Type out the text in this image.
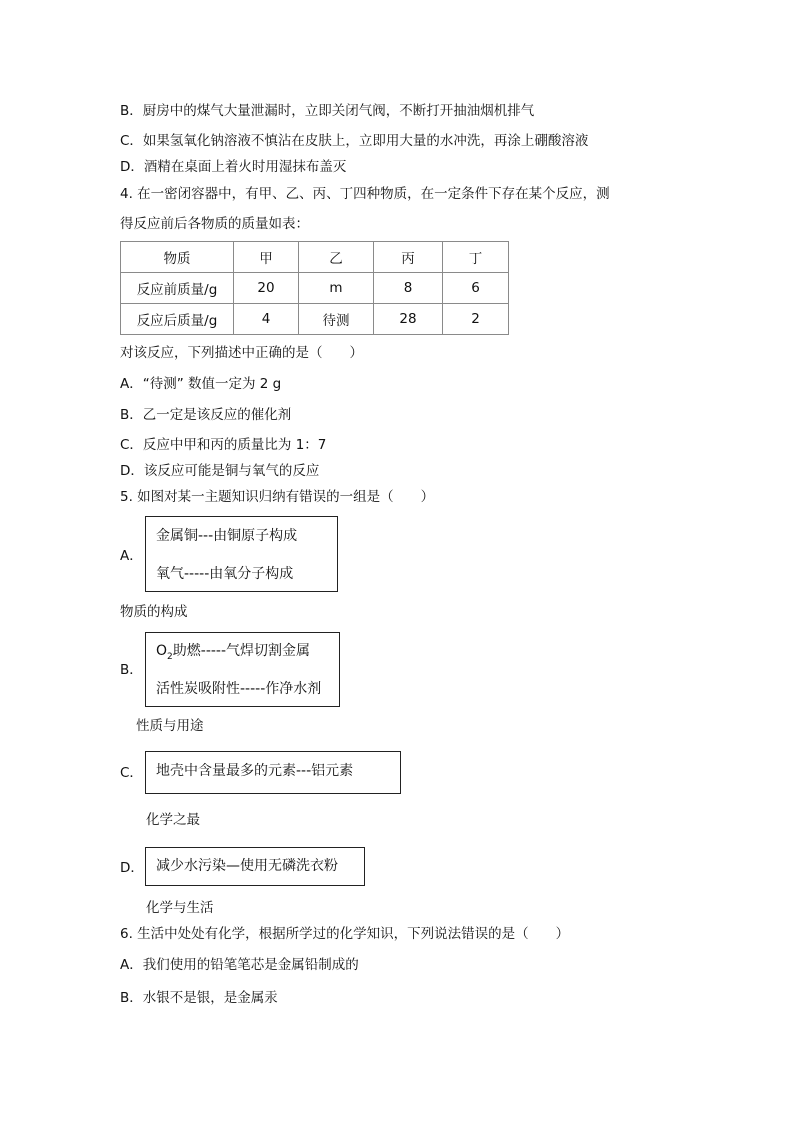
B．厨房中的煤气大量泄漏时，立即关闭气阀，不断打开抽油烟机排气
C．如果氢氧化钠溶液不慎沾在皮肤上，立即用大量的水冲洗，再涂上硼酸溶液
D．酒精在桌面上着火时用湿抹布盖灭
4. 在一密闭容器中，有甲、乙、丙、丁四种物质，在一定条件下存在某个反应，测
得反应前后各物质的质量如表：
物质	甲	乙	丙	丁
反应前质量/g	20	m	8	6
反应后质量/g	4	待测	28	2
对该反应，下列描述中正确的是（　　）
A．“待测” 数值一定为 2 g
B．乙一定是该反应的催化剂
C．反应中甲和丙的质量比为 1：7
D．该反应可能是铜与氧气的反应
5. 如图对某一主题知识归纳有错误的一组是（　　）
A．
金属铜---由铜原子构成
氧气-----由氧分子构成
物质的构成
B．
$O_2$助燃-----气焊切割金属
活性炭吸附性-----作净水剂
性质与用途
C． 地壳中含量最多的元素---铝元素
化学之最
D． 减少水污染—使用无磷洗衣粉
化学与生活
6. 生活中处处有化学，根据所学过的化学知识，下列说法错误的是（　　）
A．我们使用的铅笔笔芯是金属铅制成的
B．水银不是银，是金属汞
